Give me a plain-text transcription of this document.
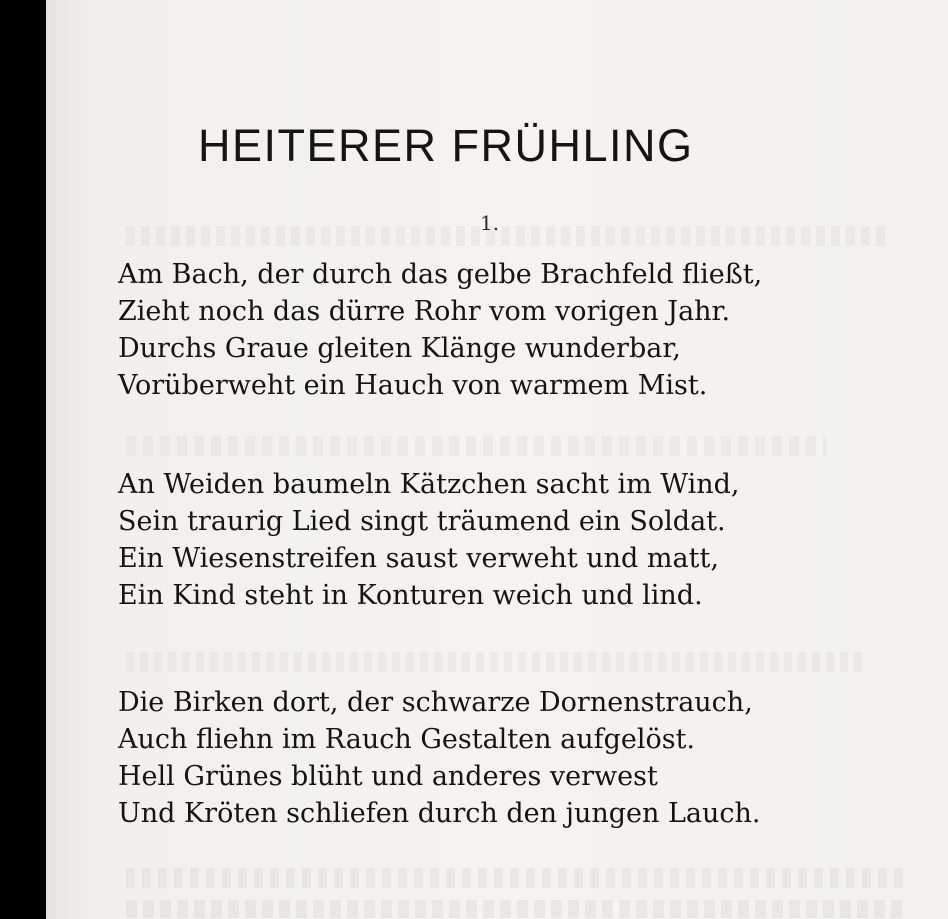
HEITERER FRÜHLING
1.
Am Bach, der durch das gelbe Brachfeld fließt,
Zieht noch das dürre Rohr vom vorigen Jahr.
Durchs Graue gleiten Klänge wunderbar,
Vorüberweht ein Hauch von warmem Mist.
An Weiden baumeln Kätzchen sacht im Wind,
Sein traurig Lied singt träumend ein Soldat.
Ein Wiesenstreifen saust verweht und matt,
Ein Kind steht in Konturen weich und lind.
Die Birken dort, der schwarze Dornenstrauch,
Auch fliehn im Rauch Gestalten aufgelöst.
Hell Grünes blüht und anderes verwest
Und Kröten schliefen durch den jungen Lauch.
